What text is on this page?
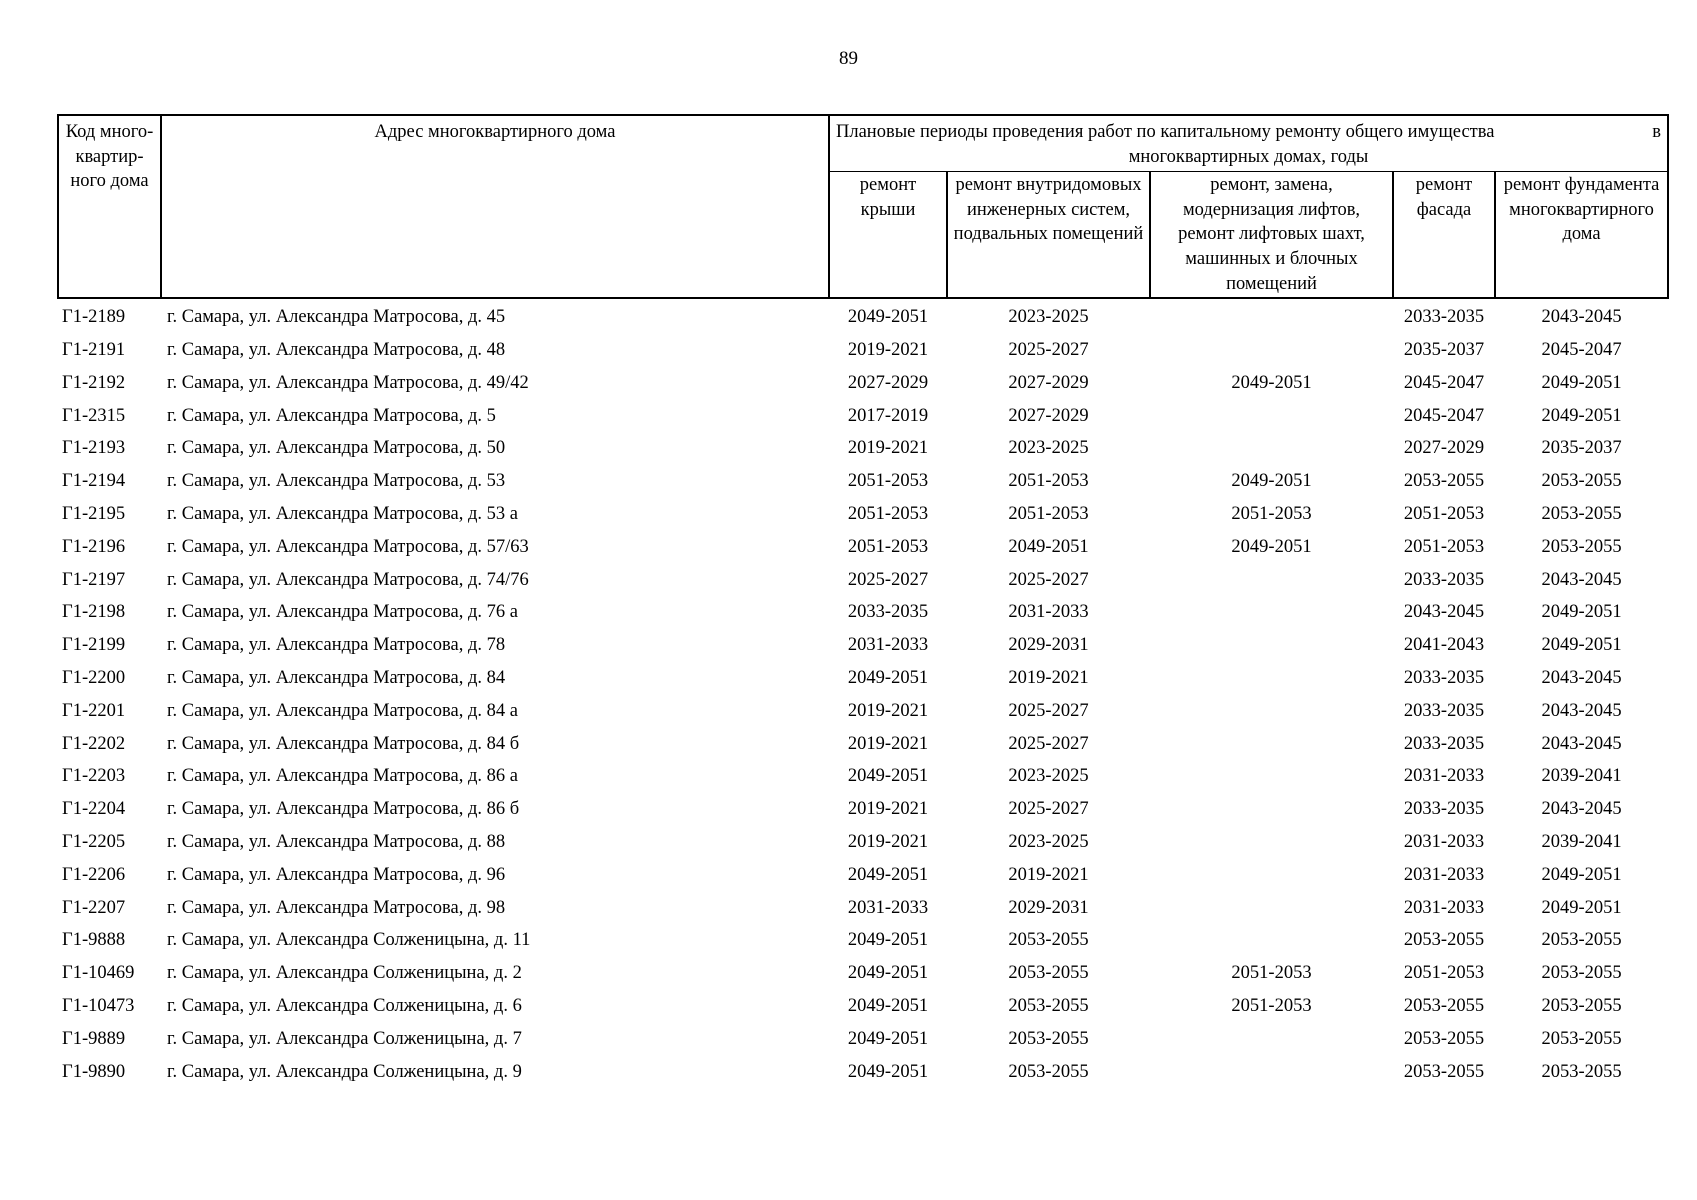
89
Код много-квартир-ного дома	Адрес многоквартирного дома	Плановые периоды проведения работ по капитальному ремонту общего имущества в
многоквартирных домах, годы				

		ремонт крыши	ремонт внутридомовых инженерных систем, подвальных помещений	ремонт, замена, модернизация лифтов, ремонт лифтовых шахт, машинных и блочных помещений	ремонт фасада	ремонт фундамента многоквартирного дома
Г1-2189	г. Самара, ул. Александра Матросова, д. 45	2049-2051	2023-2025		2033-2035	2043-2045
Г1-2191	г. Самара, ул. Александра Матросова, д. 48	2019-2021	2025-2027		2035-2037	2045-2047
Г1-2192	г. Самара, ул. Александра Матросова, д. 49/42	2027-2029	2027-2029	2049-2051	2045-2047	2049-2051
Г1-2315	г. Самара, ул. Александра Матросова, д. 5	2017-2019	2027-2029		2045-2047	2049-2051
Г1-2193	г. Самара, ул. Александра Матросова, д. 50	2019-2021	2023-2025		2027-2029	2035-2037
Г1-2194	г. Самара, ул. Александра Матросова, д. 53	2051-2053	2051-2053	2049-2051	2053-2055	2053-2055
Г1-2195	г. Самара, ул. Александра Матросова, д. 53 а	2051-2053	2051-2053	2051-2053	2051-2053	2053-2055
Г1-2196	г. Самара, ул. Александра Матросова, д. 57/63	2051-2053	2049-2051	2049-2051	2051-2053	2053-2055
Г1-2197	г. Самара, ул. Александра Матросова, д. 74/76	2025-2027	2025-2027		2033-2035	2043-2045
Г1-2198	г. Самара, ул. Александра Матросова, д. 76 а	2033-2035	2031-2033		2043-2045	2049-2051
Г1-2199	г. Самара, ул. Александра Матросова, д. 78	2031-2033	2029-2031		2041-2043	2049-2051
Г1-2200	г. Самара, ул. Александра Матросова, д. 84	2049-2051	2019-2021		2033-2035	2043-2045
Г1-2201	г. Самара, ул. Александра Матросова, д. 84 а	2019-2021	2025-2027		2033-2035	2043-2045
Г1-2202	г. Самара, ул. Александра Матросова, д. 84 б	2019-2021	2025-2027		2033-2035	2043-2045
Г1-2203	г. Самара, ул. Александра Матросова, д. 86 а	2049-2051	2023-2025		2031-2033	2039-2041
Г1-2204	г. Самара, ул. Александра Матросова, д. 86 б	2019-2021	2025-2027		2033-2035	2043-2045
Г1-2205	г. Самара, ул. Александра Матросова, д. 88	2019-2021	2023-2025		2031-2033	2039-2041
Г1-2206	г. Самара, ул. Александра Матросова, д. 96	2049-2051	2019-2021		2031-2033	2049-2051
Г1-2207	г. Самара, ул. Александра Матросова, д. 98	2031-2033	2029-2031		2031-2033	2049-2051
Г1-9888	г. Самара, ул. Александра Солженицына, д. 11	2049-2051	2053-2055		2053-2055	2053-2055
Г1-10469	г. Самара, ул. Александра Солженицына, д. 2	2049-2051	2053-2055	2051-2053	2051-2053	2053-2055
Г1-10473	г. Самара, ул. Александра Солженицына, д. 6	2049-2051	2053-2055	2051-2053	2053-2055	2053-2055
Г1-9889	г. Самара, ул. Александра Солженицына, д. 7	2049-2051	2053-2055		2053-2055	2053-2055
Г1-9890	г. Самара, ул. Александра Солженицына, д. 9	2049-2051	2053-2055		2053-2055	2053-2055
